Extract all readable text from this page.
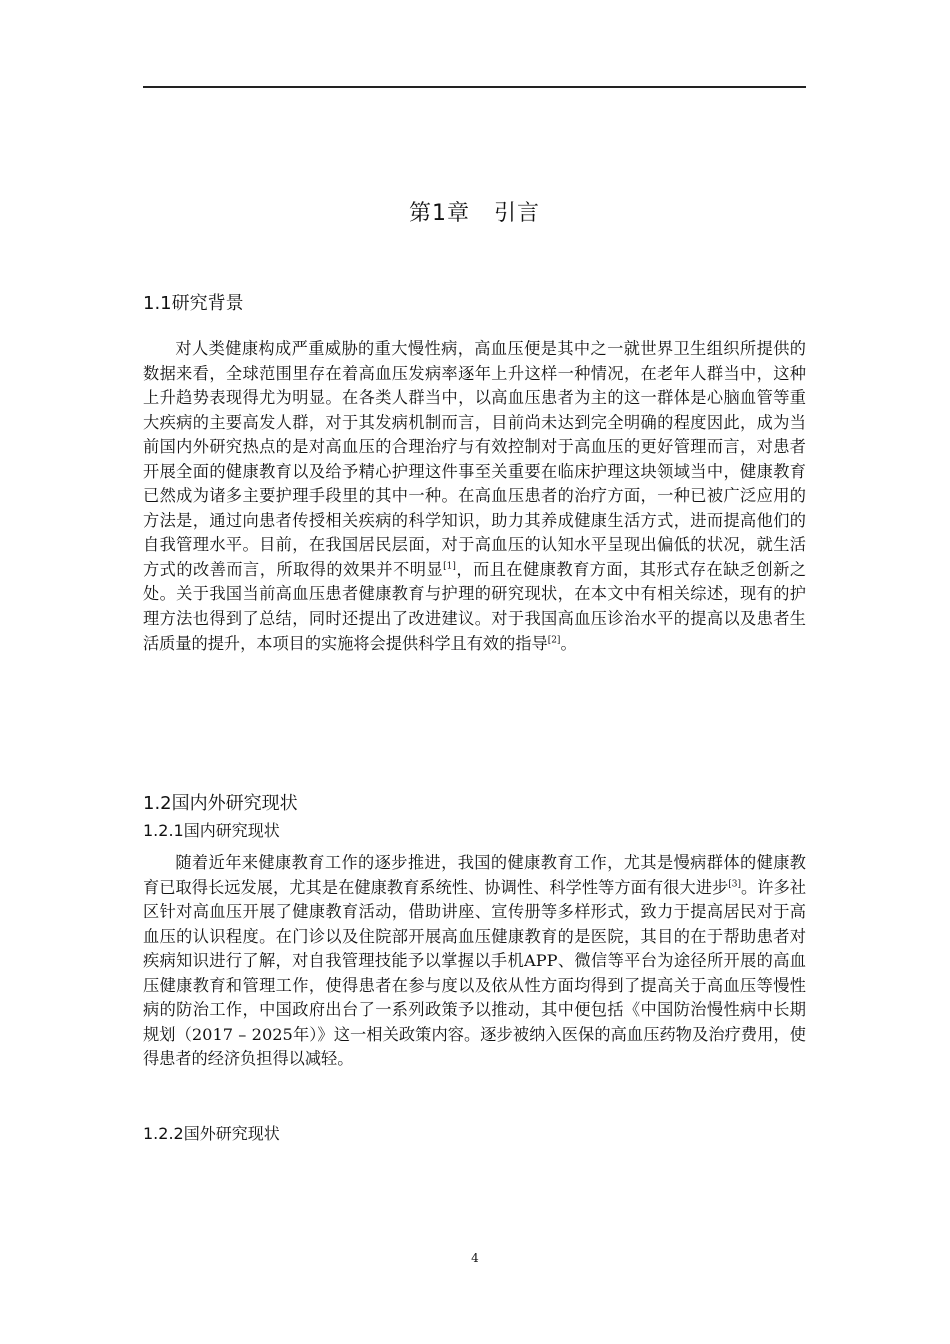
第1章 引言
1.1研究背景

对人类健康构成严重威胁的重大慢性病，高血压便是其中之一就世界卫生组织所提供的数据来看，全球范围里存在着高血压发病率逐年上升这样一种情况，在老年人群当中，这种上升趋势表现得尤为明显。在各类人群当中，以高血压患者为主的这一群体是心脑血管等重大疾病的主要高发人群，对于其发病机制而言，目前尚未达到完全明确的程度因此，成为当前国内外研究热点的是对高血压的合理治疗与有效控制对于高血压的更好管理而言，对患者开展全面的健康教育以及给予精心护理这件事至关重要在临床护理这块领域当中，健康教育已然成为诸多主要护理手段里的其中一种。在高血压患者的治疗方面，一种已被广泛应用的方法是，通过向患者传授相关疾病的科学知识，助力其养成健康生活方式，进而提高他们的自我管理水平。目前，在我国居民层面，对于高血压的认知水平呈现出偏低的状况，就生活方式的改善而言，所取得的效果并不明显[1]，而且在健康教育方面，其形式存在缺乏创新之处。关于我国当前高血压患者健康教育与护理的研究现状，在本文中有相关综述，现有的护理方法也得到了总结，同时还提出了改进建议。对于我国高血压诊治水平的提高以及患者生活质量的提升，本项目的实施将会提供科学且有效的指导[2]。

1.2国内外研究现状
1.2.1国内研究现状

随着近年来健康教育工作的逐步推进，我国的健康教育工作，尤其是慢病群体的健康教育已取得长远发展，尤其是在健康教育系统性、协调性、科学性等方面有很大进步[3]。许多社区针对高血压开展了健康教育活动，借助讲座、宣传册等多样形式，致力于提高居民对于高血压的认识程度。在门诊以及住院部开展高血压健康教育的是医院，其目的在于帮助患者对疾病知识进行了解，对自我管理技能予以掌握以手机APP、微信等平台为途径所开展的高血压健康教育和管理工作，使得患者在参与度以及依从性方面均得到了提高关于高血压等慢性病的防治工作，中国政府出台了一系列政策予以推动，其中便包括《中国防治慢性病中长期规划（2017 – 2025年）》这一相关政策内容。逐步被纳入医保的高血压药物及治疗费用，使得患者的经济负担得以减轻。

1.2.2国外研究现状
4
